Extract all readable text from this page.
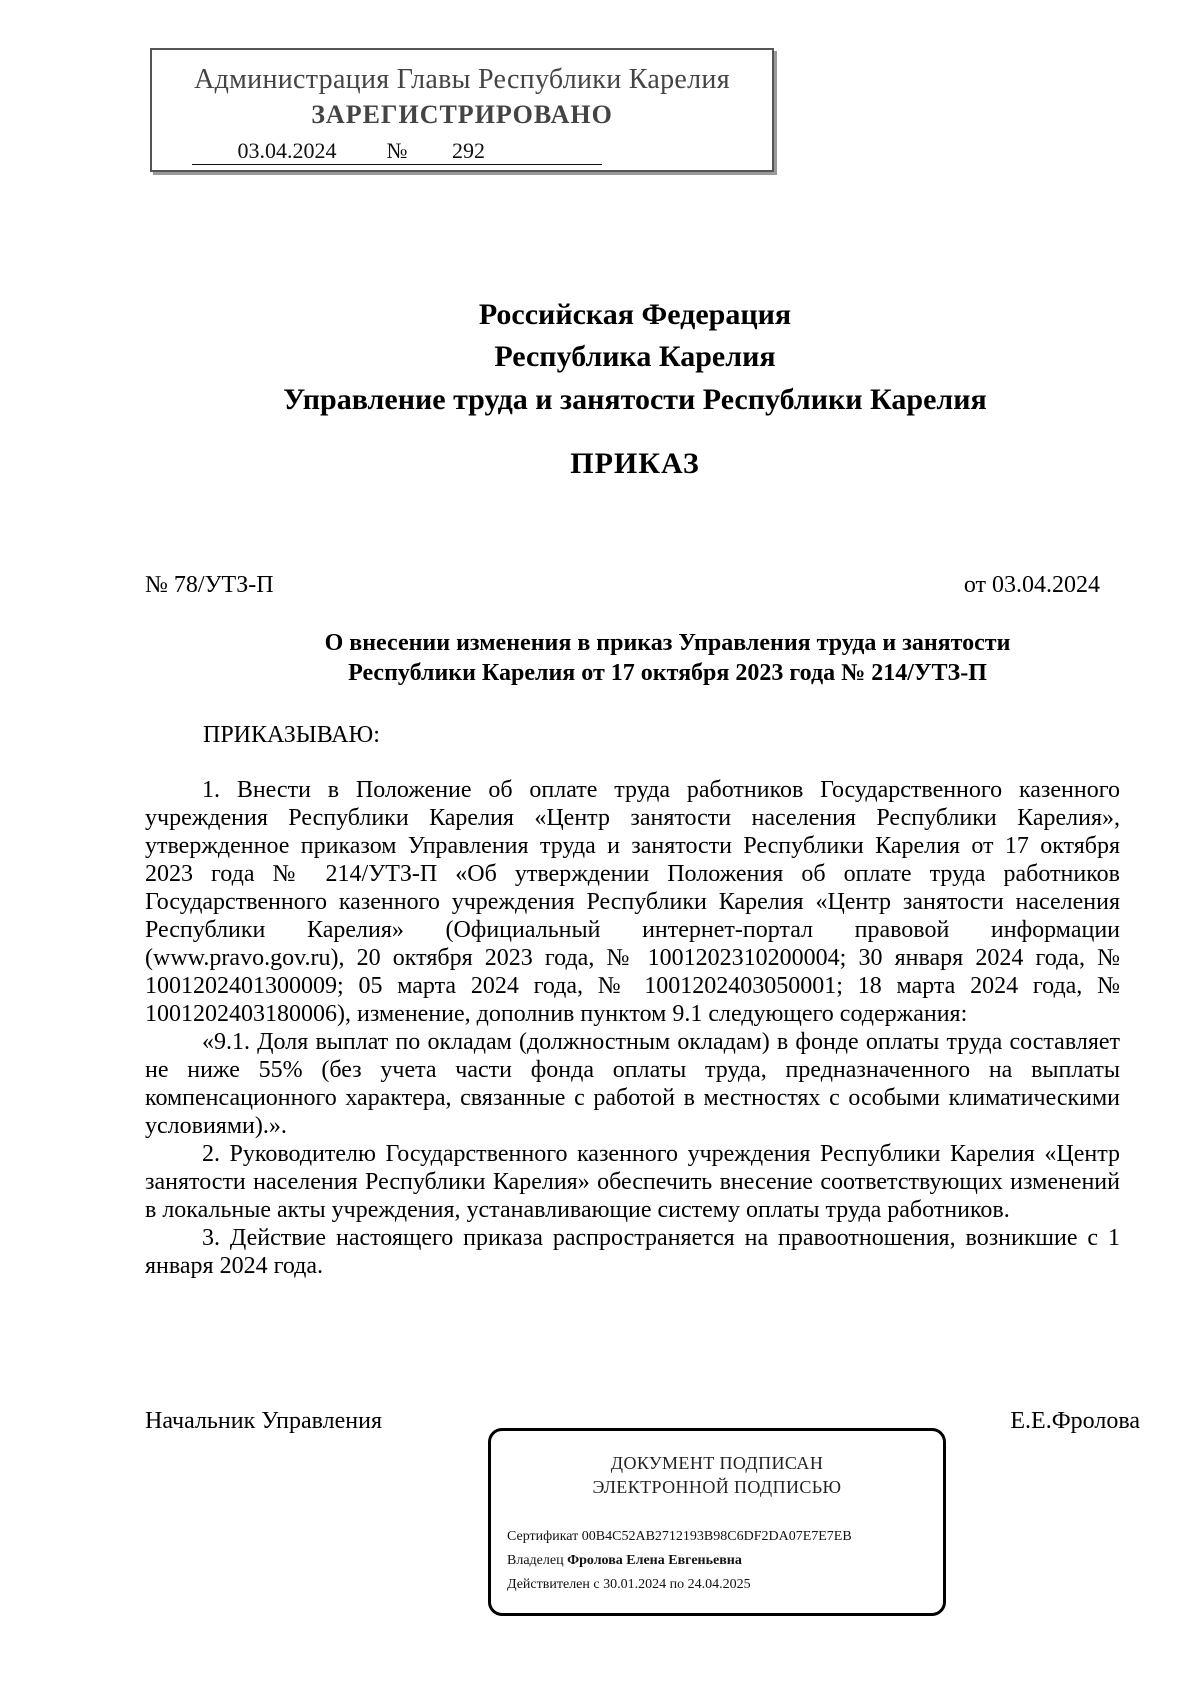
Администрация Главы Республики Карелия
ЗАРЕГИСТРИРОВАНО
03.04.2024	№	292
Российская Федерация
Республика Карелия
Управление труда и занятости Республики Карелия
ПРИКАЗ
№ 78/УТЗ-П	от 03.04.2024
О внесении изменения в приказ Управления труда и занятости
Республики Карелия от 17 октября 2023 года № 214/УТЗ-П
ПРИКАЗЫВАЮ:

1. Внести в Положение об оплате труда работников Государственного казенного учреждения Республики Карелия «Центр занятости населения Республики Карелия», утвержденное приказом Управления труда и занятости Республики Карелия от 17 октября 2023 года № 214/УТЗ-П «Об утверждении Положения об оплате труда работников Государственного казенного учреждения Республики Карелия «Центр занятости населения Республики Карелия» (Официальный интернет-портал правовой информации (www.pravo.gov.ru), 20 октября 2023 года, № 1001202310200004; 30 января 2024 года, № 1001202401300009; 05 марта 2024 года, № 1001202403050001; 18 марта 2024 года, № 1001202403180006), изменение, дополнив пунктом 9.1 следующего содержания:

«9.1. Доля выплат по окладам (должностным окладам) в фонде оплаты труда составляет не ниже 55% (без учета части фонда оплаты труда, предназначенного на выплаты компенсационного характера, связанные с работой в местностях с особыми климатическими условиями).».

2. Руководителю Государственного казенного учреждения Республики Карелия «Центр занятости населения Республики Карелия» обеспечить внесение соответствующих изменений в локальные акты учреждения, устанавливающие систему оплаты труда работников.

3. Действие настоящего приказа распространяется на правоотношения, возникшие с 1 января 2024 года.

Начальник Управления	Е.Е.Фролова
ДОКУМЕНТ ПОДПИСАН
ЭЛЕКТРОННОЙ ПОДПИСЬЮ
Сертификат 00B4C52AB2712193B98C6DF2DA07E7E7EB
Владелец Фролова Елена Евгеньевна
Действителен с 30.01.2024 по 24.04.2025
